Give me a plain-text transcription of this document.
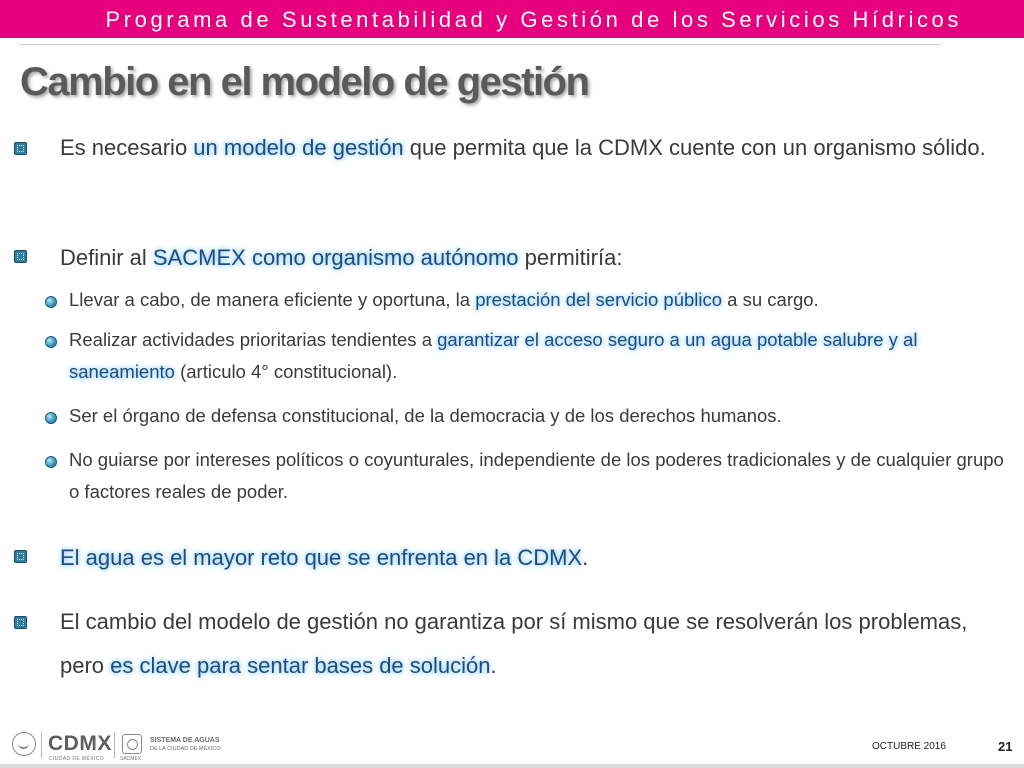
Programa de Sustentabilidad y Gestión de los Servicios Hídricos
Cambio en el modelo de gestión
Es necesario un modelo de gestión que permita que la CDMX cuente con un organismo sólido.
Definir al SACMEX como organismo autónomo permitiría:
Llevar a cabo, de manera eficiente y oportuna, la prestación del servicio público a su cargo.
Realizar actividades prioritarias tendientes a garantizar el acceso seguro a un agua potable salubre y al saneamiento (articulo 4° constitucional).
Ser el órgano de defensa constitucional, de la democracia y de los derechos humanos.
No guiarse por intereses políticos o coyunturales, independiente de los poderes tradicionales y de cualquier grupo o factores reales de poder.
El agua es el mayor reto que se enfrenta en la CDMX.
El cambio del modelo de gestión no garantiza por sí mismo que se resolverán los problemas, pero es clave para sentar bases de solución.
CDMX
CIUDAD DE MÉXICO	SACMEX
SISTEMA DE AGUAS
DE LA CIUDAD DE MÉXICO	OCTUBRE 2016	21
